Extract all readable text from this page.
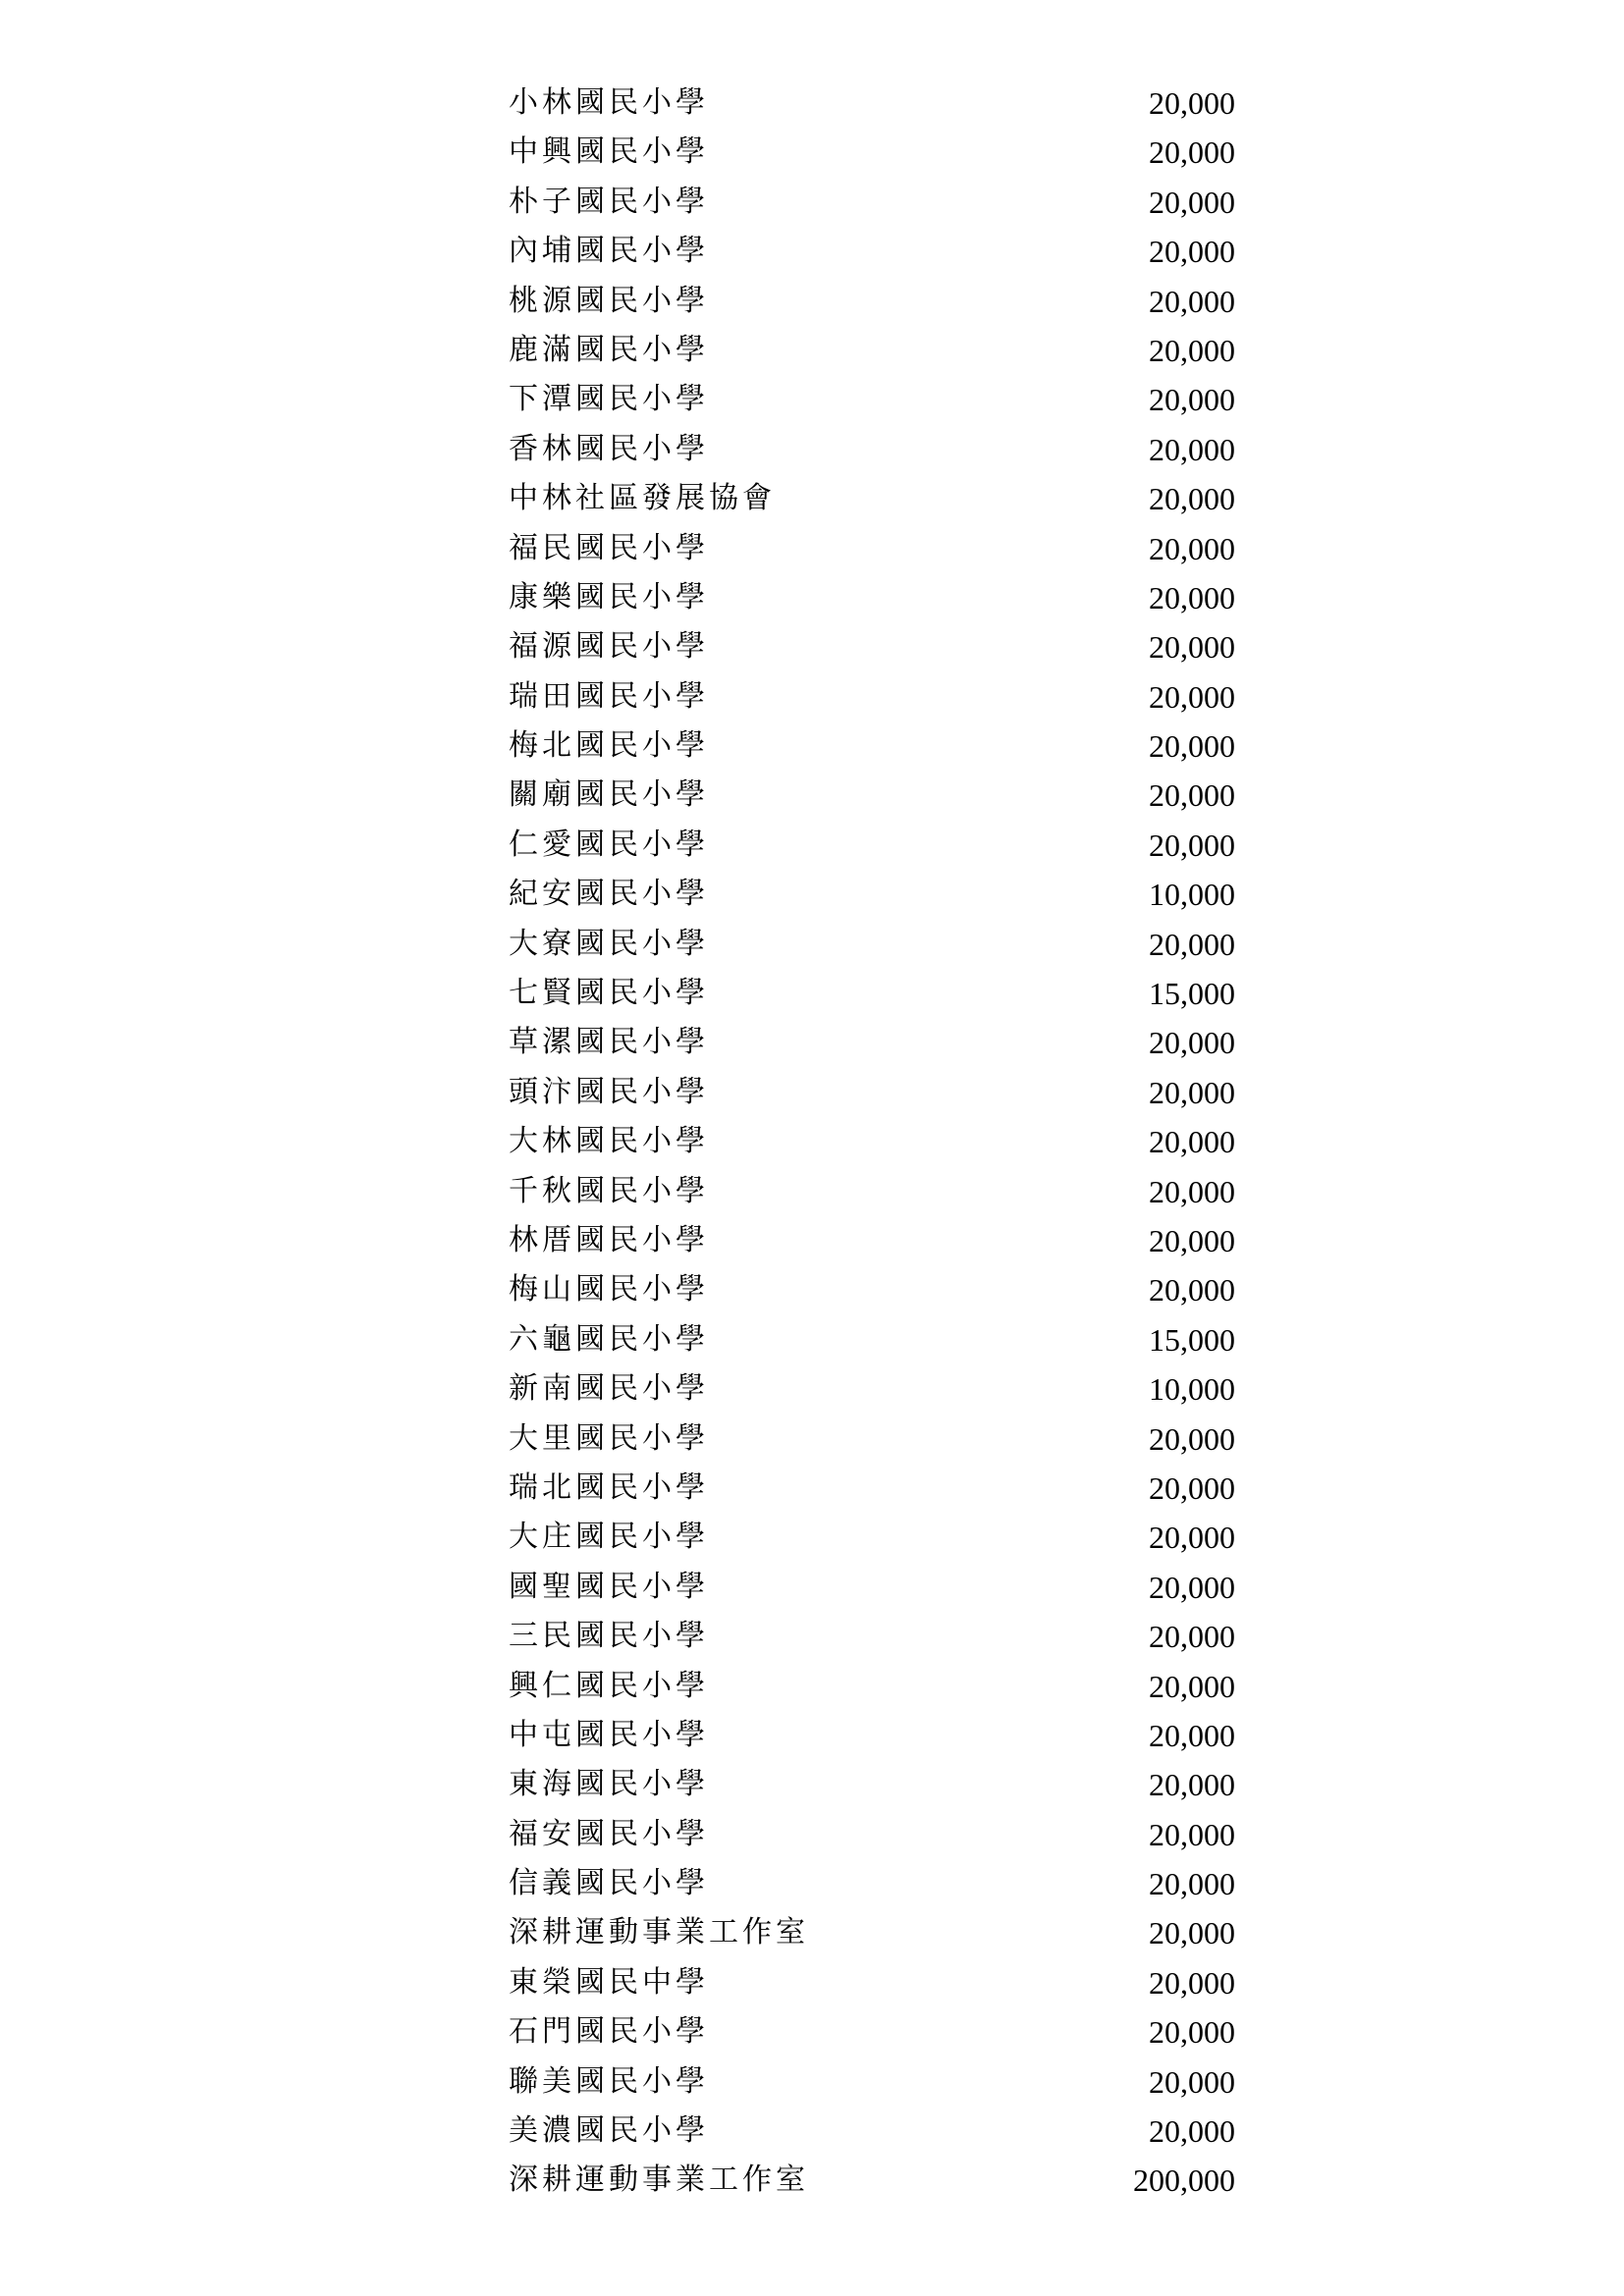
小林國民小學	20,000
中興國民小學	20,000
朴子國民小學	20,000
內埔國民小學	20,000
桃源國民小學	20,000
鹿滿國民小學	20,000
下潭國民小學	20,000
香林國民小學	20,000
中林社區發展協會	20,000
福民國民小學	20,000
康樂國民小學	20,000
福源國民小學	20,000
瑞田國民小學	20,000
梅北國民小學	20,000
關廟國民小學	20,000
仁愛國民小學	20,000
紀安國民小學	10,000
大寮國民小學	20,000
七賢國民小學	15,000
草漯國民小學	20,000
頭汴國民小學	20,000
大林國民小學	20,000
千秋國民小學	20,000
林厝國民小學	20,000
梅山國民小學	20,000
六龜國民小學	15,000
新南國民小學	10,000
大里國民小學	20,000
瑞北國民小學	20,000
大庄國民小學	20,000
國聖國民小學	20,000
三民國民小學	20,000
興仁國民小學	20,000
中屯國民小學	20,000
東海國民小學	20,000
福安國民小學	20,000
信義國民小學	20,000
深耕運動事業工作室	20,000
東榮國民中學	20,000
石門國民小學	20,000
聯美國民小學	20,000
美濃國民小學	20,000
深耕運動事業工作室	200,000
